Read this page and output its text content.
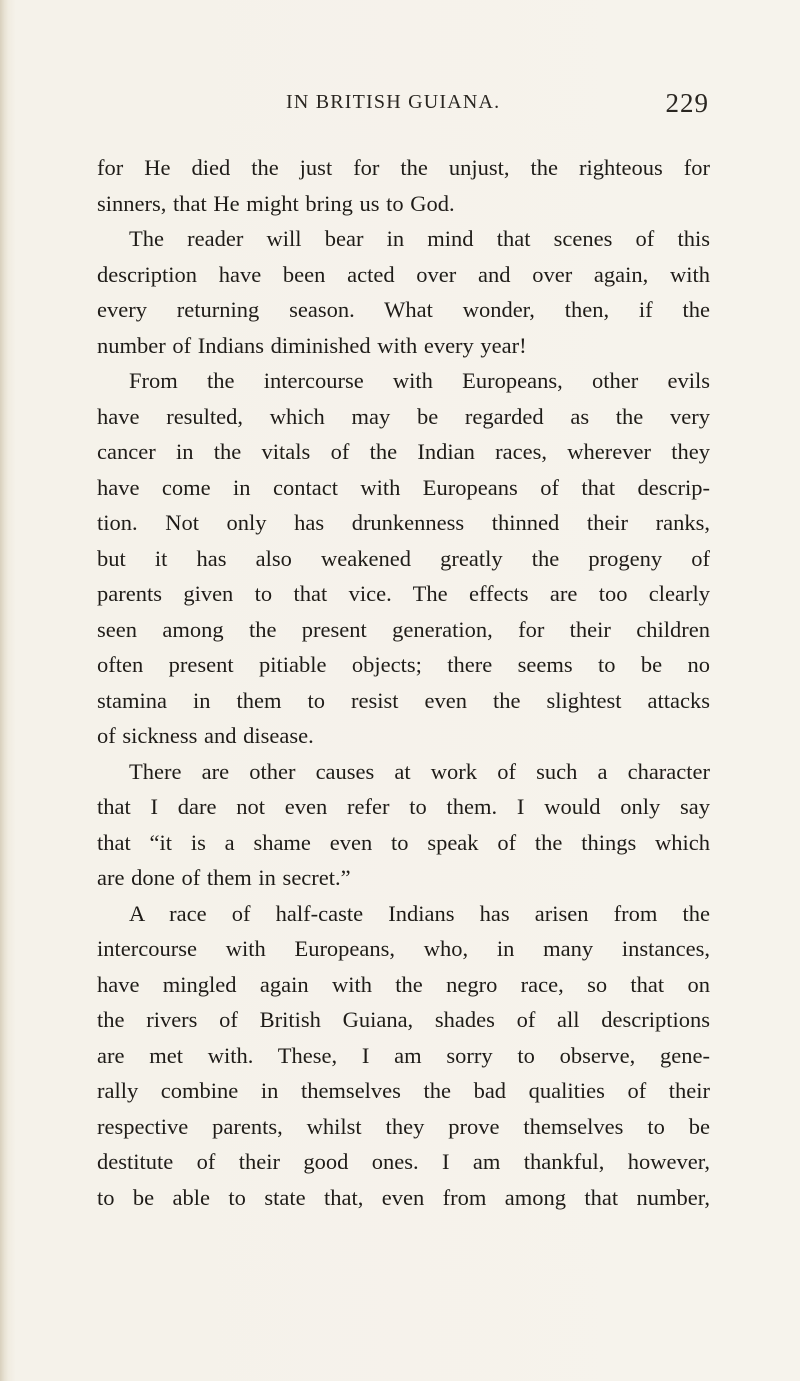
IN BRITISH GUIANA.	229
for He died the just for the unjust, the righteous for
sinners, that He might bring us to God.
The reader will bear in mind that scenes of this
description have been acted over and over again, with
every returning season. What wonder, then, if the
number of Indians diminished with every year!
From the intercourse with Europeans, other evils
have resulted, which may be regarded as the very
cancer in the vitals of the Indian races, wherever they
have come in contact with Europeans of that descrip-
tion. Not only has drunkenness thinned their ranks,
but it has also weakened greatly the progeny of
parents given to that vice. The effects are too clearly
seen among the present generation, for their children
often present pitiable objects; there seems to be no
stamina in them to resist even the slightest attacks
of sickness and disease.
There are other causes at work of such a character
that I dare not even refer to them. I would only say
that “it is a shame even to speak of the things which
are done of them in secret.”
A race of half-caste Indians has arisen from the
intercourse with Europeans, who, in many instances,
have mingled again with the negro race, so that on
the rivers of British Guiana, shades of all descriptions
are met with. These, I am sorry to observe, gene-
rally combine in themselves the bad qualities of their
respective parents, whilst they prove themselves to be
destitute of their good ones. I am thankful, however,
to be able to state that, even from among that number,
